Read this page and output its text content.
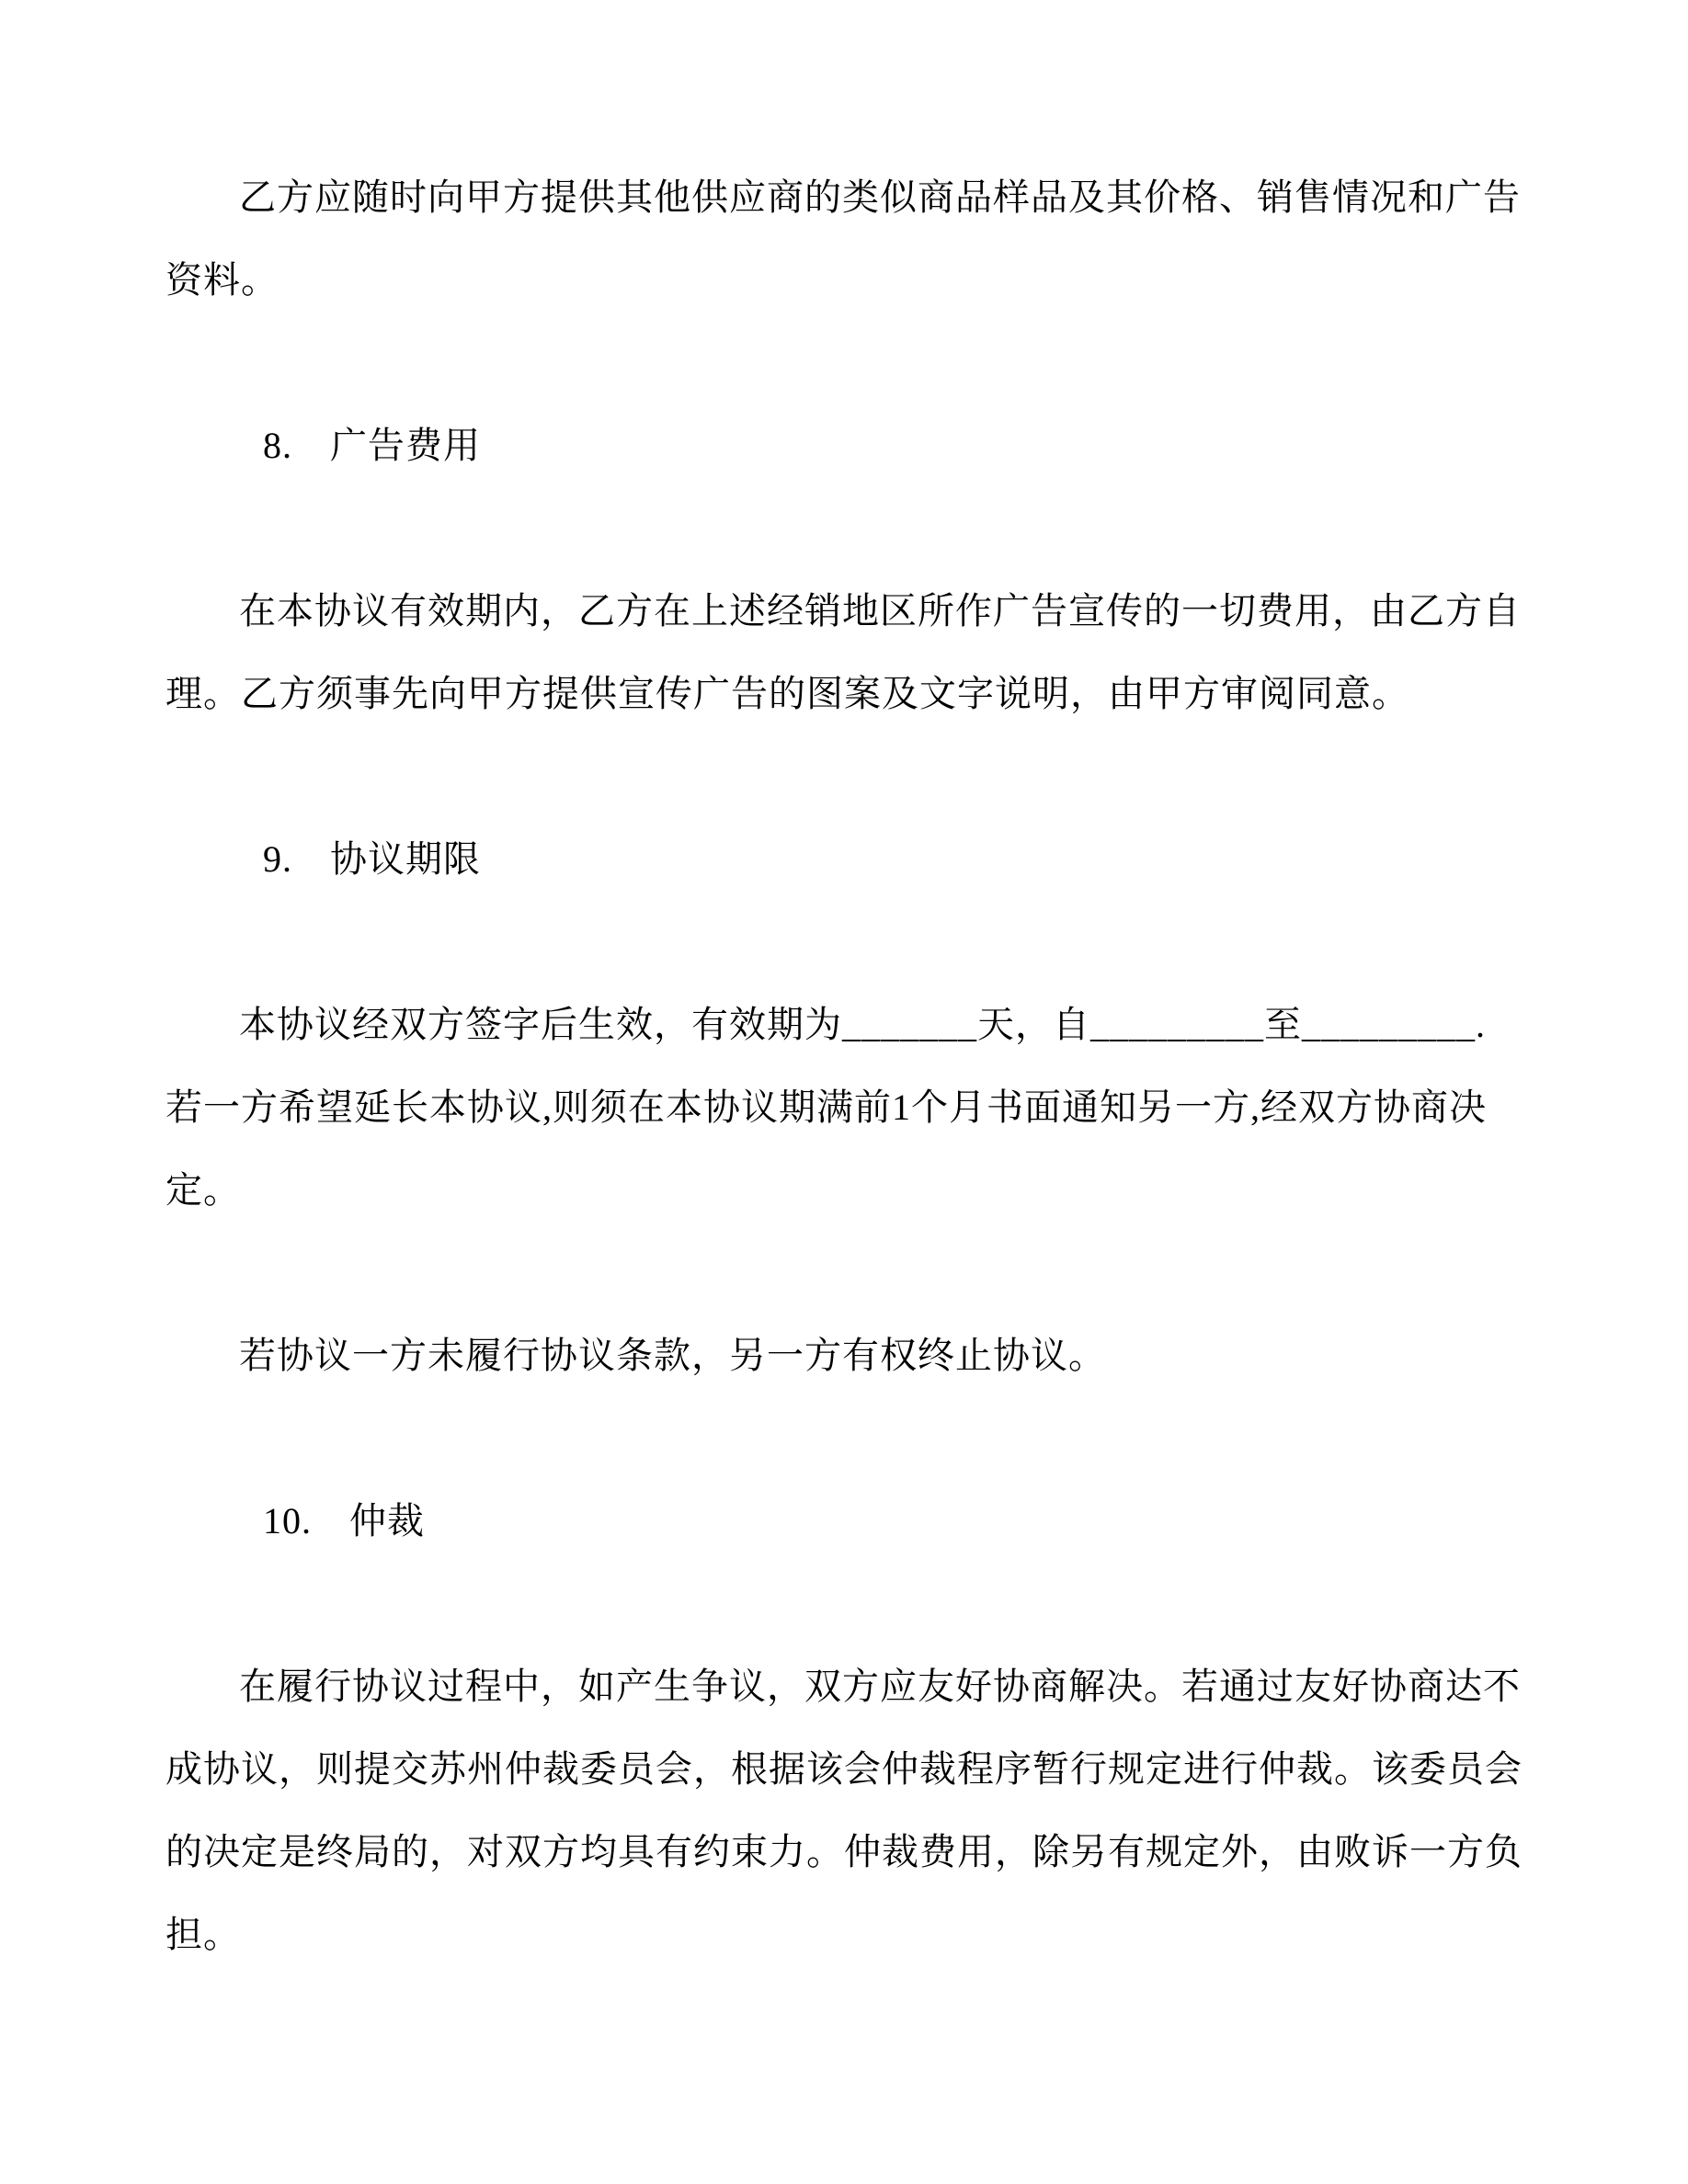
乙方应随时向甲方提供其他供应商的类似商品样品及其价格、销售情况和广告资料。

8.　广告费用

在本协议有效期内，乙方在上述经销地区所作广告宣传的一切费用，由乙方自理。乙方须事先向甲方提供宣传广告的图案及文字说明，由甲方审阅同意。

9.　协议期限

本协议经双方签字后生效，有效期为_______天，自_________至_________. 若一方希望延长本协议,则须在本协议期满前1个月书面通知另一方,经双方协商决定。

若协议一方未履行协议条款，另一方有权终止协议。

10.　仲裁

在履行协议过程中，如产生争议，双方应友好协商解决。若通过友好协商达不成协议，则提交苏州仲裁委员会，根据该会仲裁程序暂行规定进行仲裁。该委员会的决定是终局的，对双方均具有约束力。仲裁费用，除另有规定外，由败诉一方负担。
